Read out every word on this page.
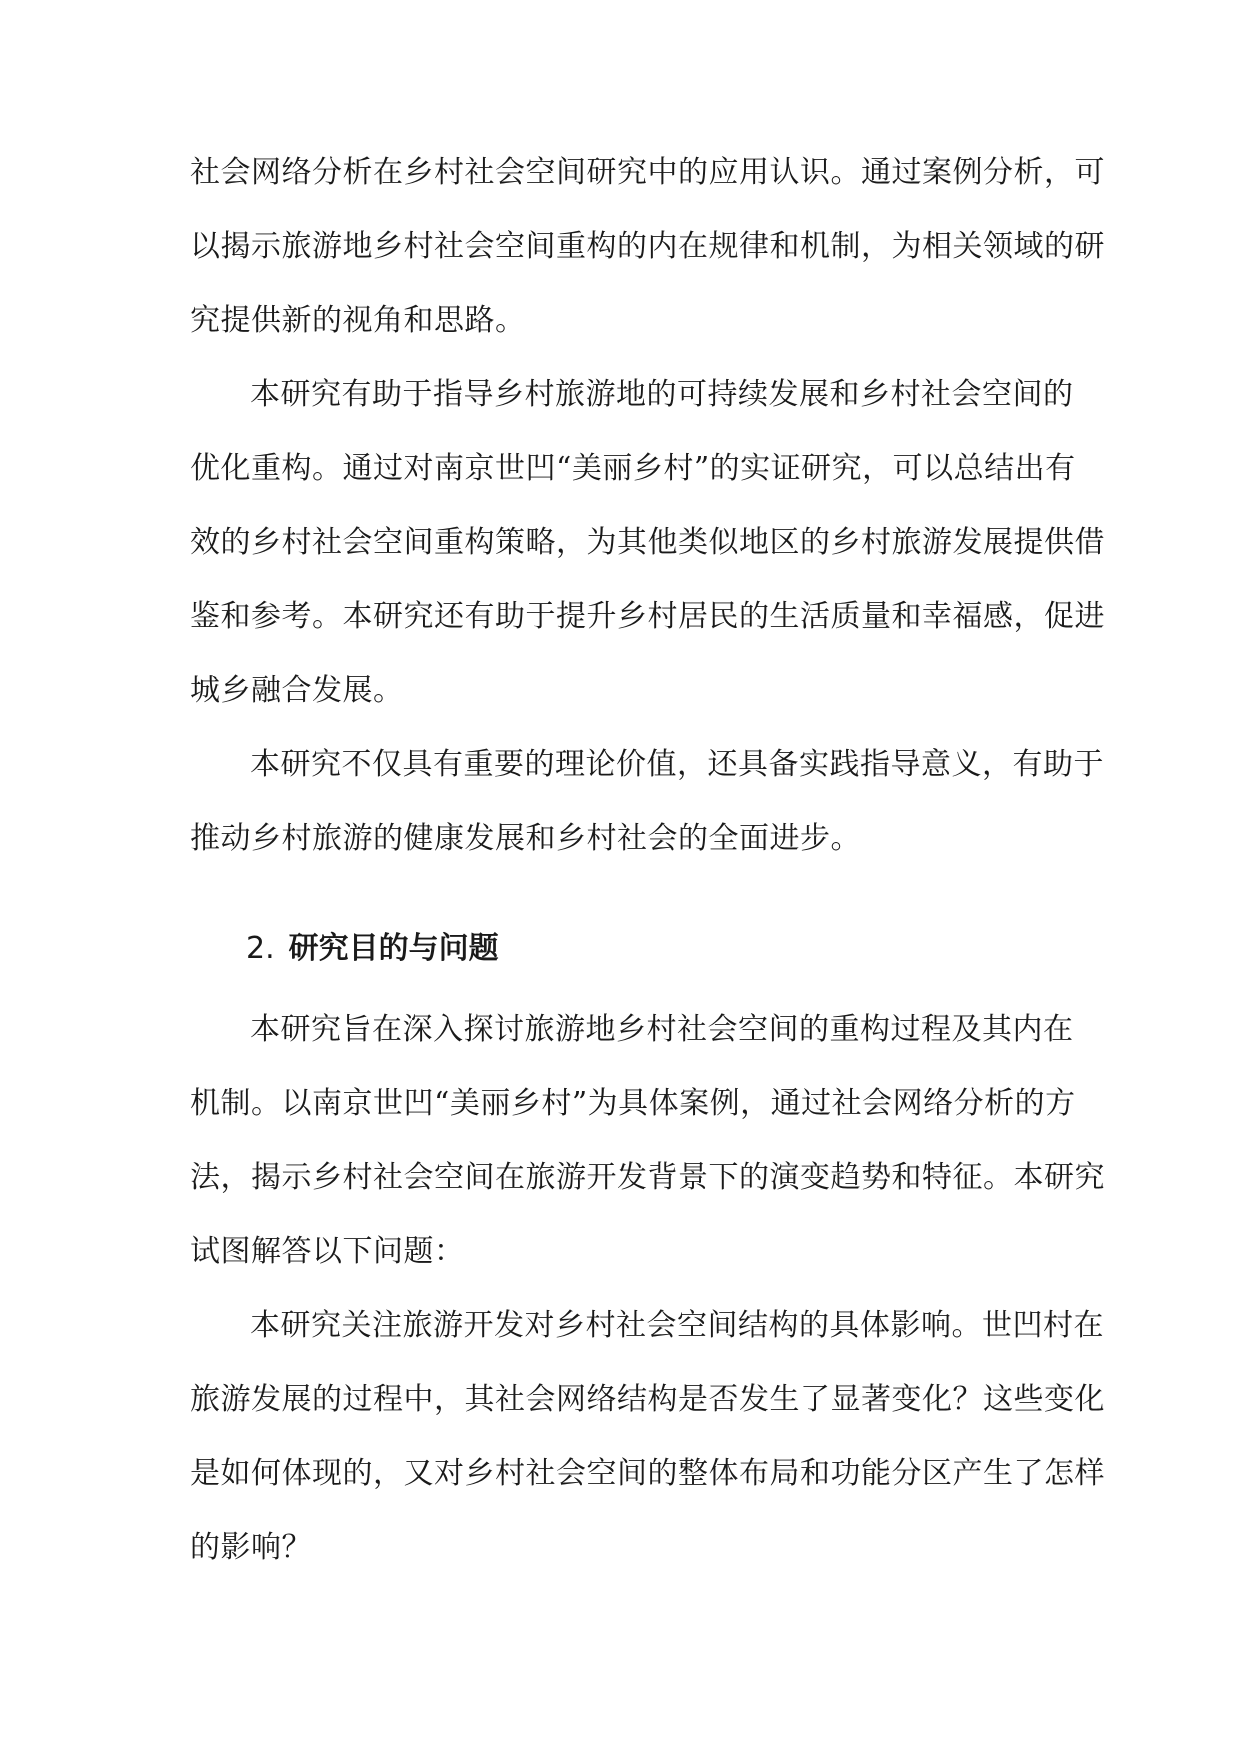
社会网络分析在乡村社会空间研究中的应用认识。通过案例分析，可
以揭示旅游地乡村社会空间重构的内在规律和机制，为相关领域的研
究提供新的视角和思路。

本研究有助于指导乡村旅游地的可持续发展和乡村社会空间的
优化重构。通过对南京世凹“美丽乡村”的实证研究，可以总结出有
效的乡村社会空间重构策略，为其他类似地区的乡村旅游发展提供借
鉴和参考。本研究还有助于提升乡村居民的生活质量和幸福感，促进
城乡融合发展。

本研究不仅具有重要的理论价值，还具备实践指导意义，有助于
推动乡村旅游的健康发展和乡村社会的全面进步。

2. 研究目的与问题

本研究旨在深入探讨旅游地乡村社会空间的重构过程及其内在
机制。以南京世凹“美丽乡村”为具体案例，通过社会网络分析的方
法，揭示乡村社会空间在旅游开发背景下的演变趋势和特征。本研究
试图解答以下问题：

本研究关注旅游开发对乡村社会空间结构的具体影响。世凹村在
旅游发展的过程中，其社会网络结构是否发生了显著变化？这些变化
是如何体现的，又对乡村社会空间的整体布局和功能分区产生了怎样
的影响？
